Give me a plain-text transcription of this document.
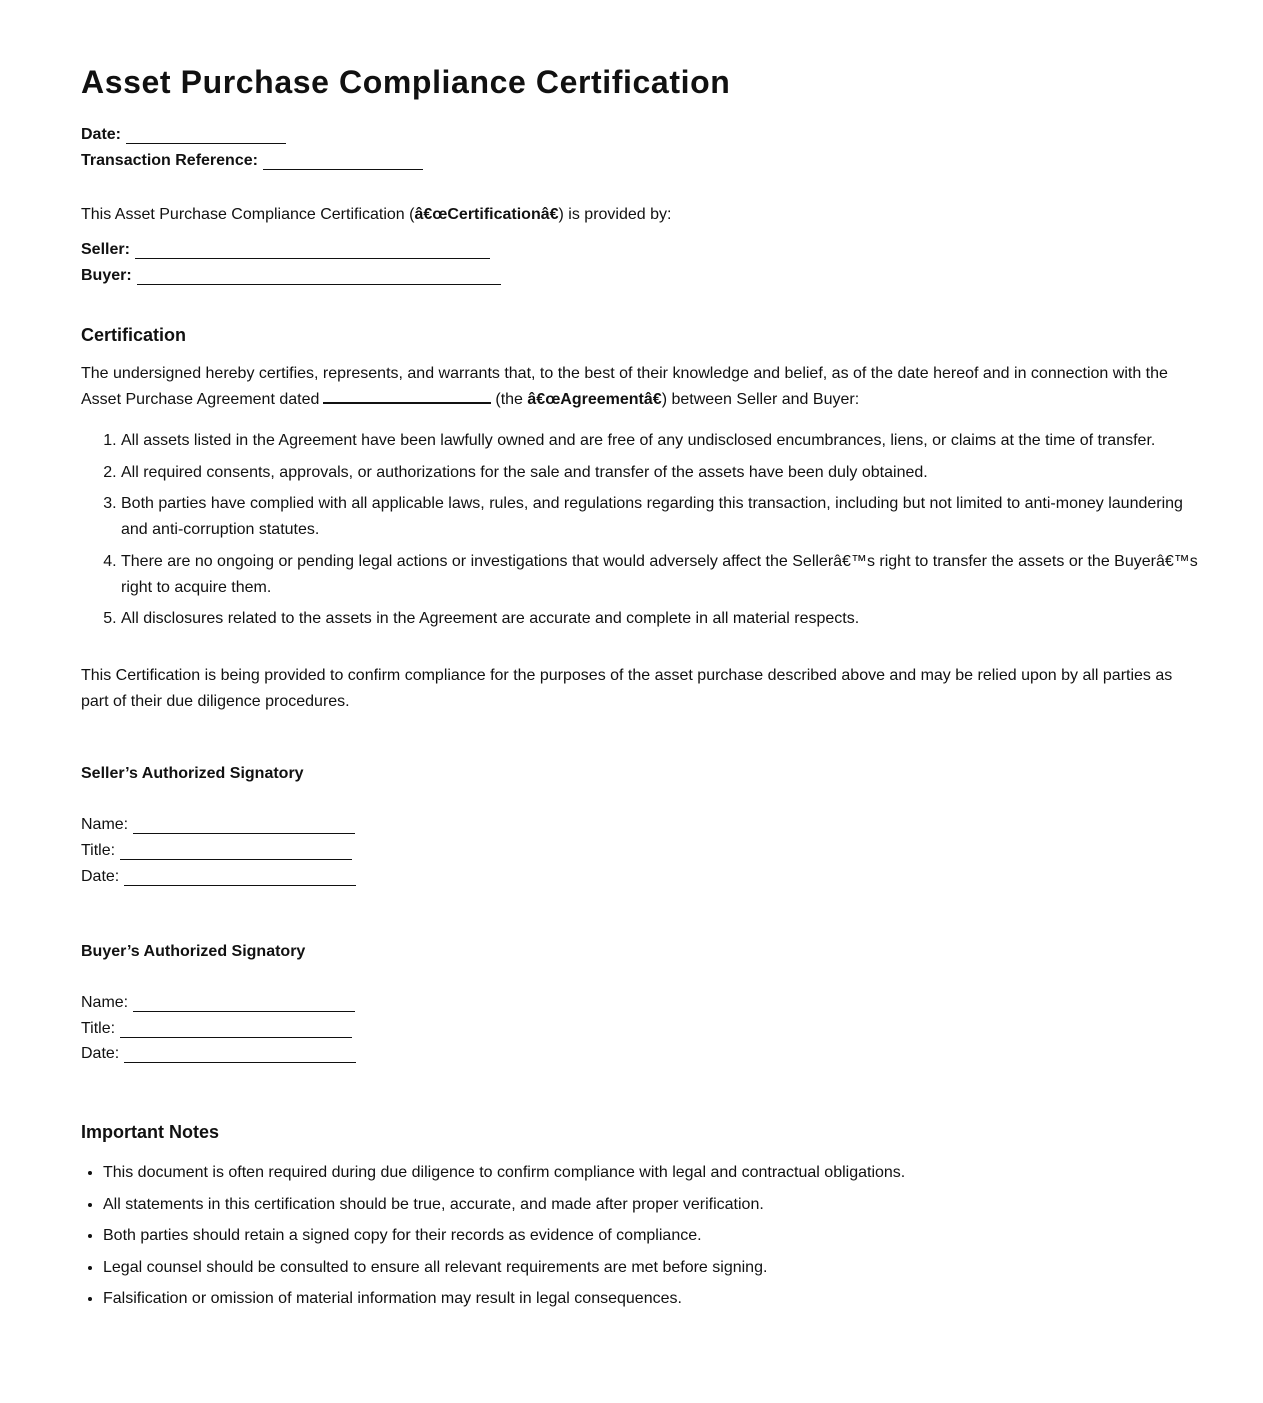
Asset Purchase Compliance Certification
Date:
Transaction Reference:

This Asset Purchase Compliance Certification (â€œCertificationâ€) is provided by:

Seller:
Buyer:
Certification

The undersigned hereby certifies, represents, and warrants that, to the best of their knowledge and belief, as of the date hereof and in connection with the Asset Purchase Agreement dated	(the â€œAgreementâ€) between Seller and Buyer:

1. All assets listed in the Agreement have been lawfully owned and are free of any undisclosed encumbrances, liens, or claims at the time of transfer.
2. All required consents, approvals, or authorizations for the sale and transfer of the assets have been duly obtained.
3. Both parties have complied with all applicable laws, rules, and regulations regarding this transaction, including but not limited to anti-money laundering and anti-corruption statutes.
4. There are no ongoing or pending legal actions or investigations that would adversely affect the Sellerâ€™s right to transfer the assets or the Buyerâ€™s right to acquire them.
5. All disclosures related to the assets in the Agreement are accurate and complete in all material respects.

This Certification is being provided to confirm compliance for the purposes of the asset purchase described above and may be relied upon by all parties as part of their due diligence procedures.

Seller’s Authorized Signatory
Name:
Title:
Date:
Buyer’s Authorized Signatory
Name:
Title:
Date:
Important Notes
• This document is often required during due diligence to confirm compliance with legal and contractual obligations.
• All statements in this certification should be true, accurate, and made after proper verification.
• Both parties should retain a signed copy for their records as evidence of compliance.
• Legal counsel should be consulted to ensure all relevant requirements are met before signing.
• Falsification or omission of material information may result in legal consequences.
